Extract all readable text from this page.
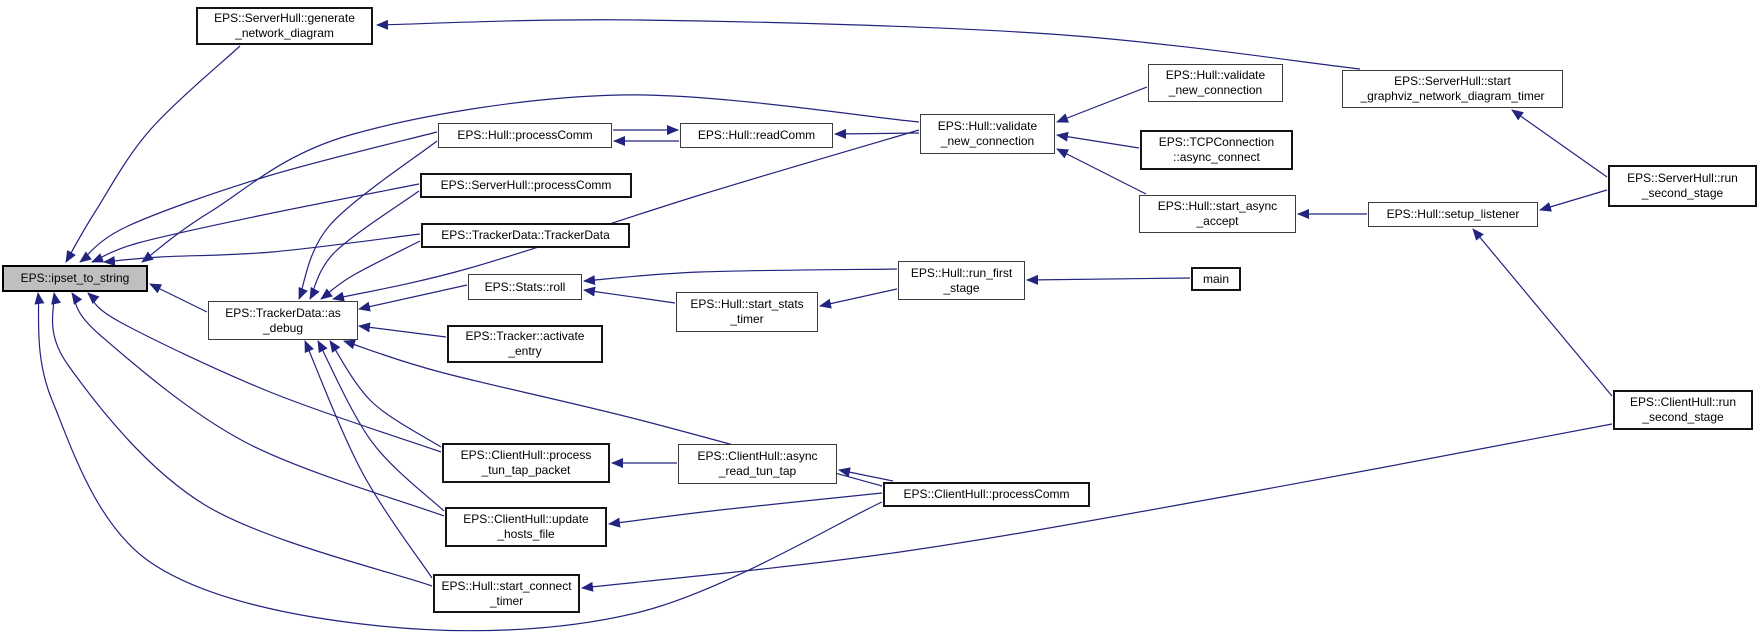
EPS::ServerHull::generate
_network_diagram
EPS::ipset_to_string
EPS::TrackerData::as
_debug
EPS::Hull::processComm
EPS::ServerHull::processComm
EPS::TrackerData::TrackerData
EPS::Stats::roll
EPS::Tracker::activate
_entry
EPS::Hull::readComm
EPS::Hull::start_stats
_timer
EPS::Hull::validate
_new_connection
EPS::Hull::run_first
_stage
main
EPS::Hull::validate
_new_connection
EPS::TCPConnection
::async_connect
EPS::Hull::start_async
_accept
EPS::ServerHull::start
_graphviz_network_diagram_timer
EPS::Hull::setup_listener
EPS::ServerHull::run
_second_stage
EPS::ClientHull::run
_second_stage
EPS::ClientHull::process
_tun_tap_packet
EPS::ClientHull::update
_hosts_file
EPS::Hull::start_connect
_timer
EPS::ClientHull::async
_read_tun_tap
EPS::ClientHull::processComm
